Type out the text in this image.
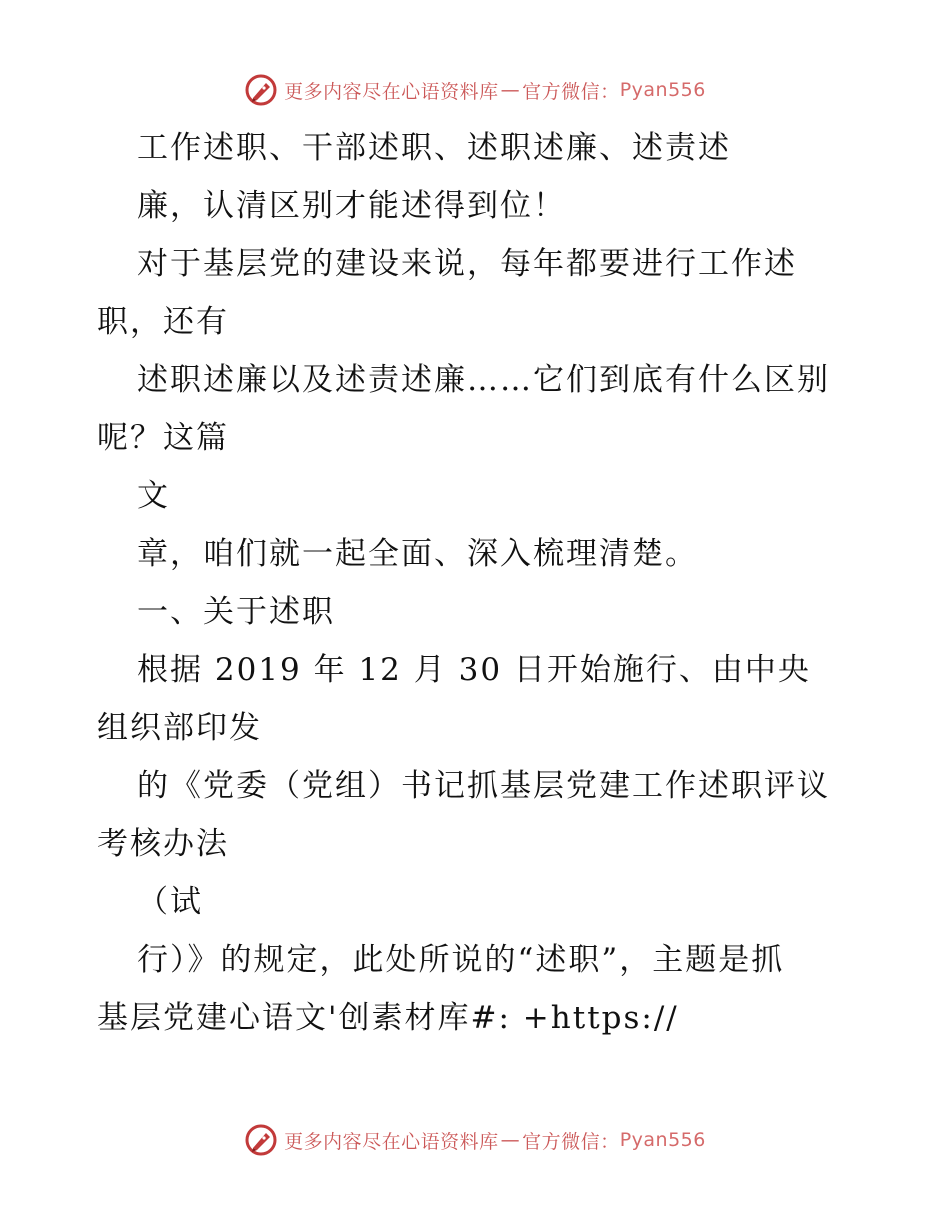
更多内容尽在心语资料库 — 官方微信： Pyan556
工作述职、干部述职、述职述廉、述责述
廉，认清区别才能述得到位！
对于基层党的建设来说，每年都要进行工作述
职，还有
述职述廉以及述责述廉……它们到底有什么区别
呢？这篇
文
章，咱们就一起全面、深入梳理清楚。
一、关于述职
根据 2019 年 12 月 30 日开始施行、由中央
组织部印发
的《党委（党组）书记抓基层党建工作述职评议
考核办法
（试
行）》的规定，此处所说的“述职”，主题是抓
基层党建心语文'创素材库#: +https://
更多内容尽在心语资料库 — 官方微信： Pyan556
